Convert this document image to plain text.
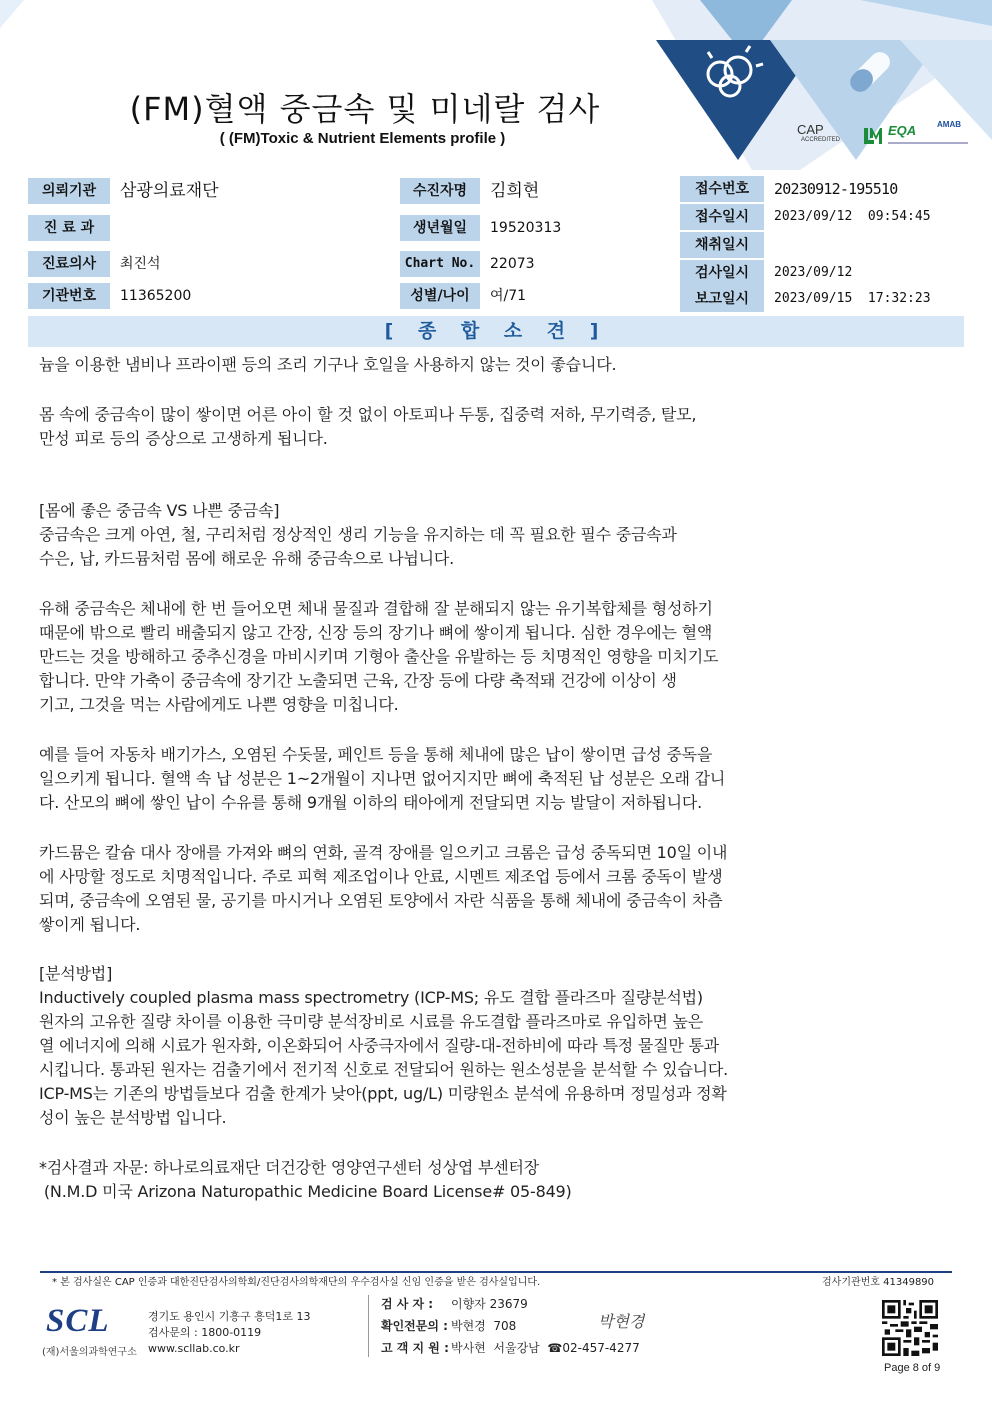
(FM)혈액 중금속 및 미네랄 검사
( (FM)Toxic & Nutrient Elements profile )
CAP
ACCREDITED
EQA	AMAB
의뢰기관	삼광의료재단
진 료 과
진료의사	최진석
기관번호	11365200
수진자명	김희현
생년월일	19520313
Chart No.	22073
성별/나이	여/71
접수번호	20230912-195510
접수일시	2023/09/12  09:54:45
채취일시
검사일시	2023/09/12
보고일시	2023/09/15  17:32:23
[ 종 합 소 견 ]
늄을 이용한 냄비나 프라이팬 등의 조리 기구나 호일을 사용하지 않는 것이 좋습니다.
몸 속에 중금속이 많이 쌓이면 어른 아이 할 것 없이 아토피나 두통, 집중력 저하, 무기력증, 탈모,
만성 피로 등의 증상으로 고생하게 됩니다.
[몸에 좋은 중금속 VS 나쁜 중금속]
중금속은 크게 아연, 철, 구리처럼 정상적인 생리 기능을 유지하는 데 꼭 필요한 필수 중금속과
수은, 납, 카드뮴처럼 몸에 해로운 유해 중금속으로 나뉩니다.
유해 중금속은 체내에 한 번 들어오면 체내 물질과 결합해 잘 분해되지 않는 유기복합체를 형성하기
때문에 밖으로 빨리 배출되지 않고 간장, 신장 등의 장기나 뼈에 쌓이게 됩니다. 심한 경우에는 혈액
만드는 것을 방해하고 중추신경을 마비시키며 기형아 출산을 유발하는 등 치명적인 영향을 미치기도
합니다. 만약 가축이 중금속에 장기간 노출되면 근육, 간장 등에 다량 축적돼 건강에 이상이 생
기고, 그것을 먹는 사람에게도 나쁜 영향을 미칩니다.
예를 들어 자동차 배기가스, 오염된 수돗물, 페인트 등을 통해 체내에 많은 납이 쌓이면 급성 중독을
일으키게 됩니다. 혈액 속 납 성분은 1~2개월이 지나면 없어지지만 뼈에 축적된 납 성분은 오래 갑니
다. 산모의 뼈에 쌓인 납이 수유를 통해 9개월 이하의 태아에게 전달되면 지능 발달이 저하됩니다.
카드뮴은 칼슘 대사 장애를 가져와 뼈의 연화, 골격 장애를 일으키고 크롬은 급성 중독되면 10일 이내
에 사망할 정도로 치명적입니다. 주로 피혁 제조업이나 안료, 시멘트 제조업 등에서 크롬 중독이 발생
되며, 중금속에 오염된 물, 공기를 마시거나 오염된 토양에서 자란 식품을 통해 체내에 중금속이 차츰
쌓이게 됩니다.
[분석방법]
Inductively coupled plasma mass spectrometry (ICP-MS; 유도 결합 플라즈마 질량분석법)
원자의 고유한 질량 차이를 이용한 극미량 분석장비로 시료를 유도결합 플라즈마로 유입하면 높은
열 에너지에 의해 시료가 원자화, 이온화되어 사중극자에서 질량-대-전하비에 따라 특정 물질만 통과
시킵니다. 통과된 원자는 검출기에서 전기적 신호로 전달되어 원하는 원소성분을 분석할 수 있습니다.
ICP-MS는 기존의 방법들보다 검출 한계가 낮아(ppt, ug/L) 미량원소 분석에 유용하며 정밀성과 정확
성이 높은 분석방법 입니다.
*검사결과 자문: 하나로의료재단 더건강한 영양연구센터 성상엽 부센터장
(N.M.D 미국 Arizona Naturopathic Medicine Board License# 05-849)
* 본 검사실은 CAP 인증과 대한진단검사의학회/진단검사의학재단의 우수검사실 신임 인증을 받은 검사실입니다.	검사기관번호 41349890
SCL
(재)서울의과학연구소
경기도 용인시 기흥구 흥덕1로 13
검사문의 : 1800-0119
www.scllab.co.kr
검 사 자 : 이향자 23679
확인전문의 : 박현경  708
고 객 지 원 : 박사현  서울강남  ☎02-457-4277
박현경
Page 8 of 9
